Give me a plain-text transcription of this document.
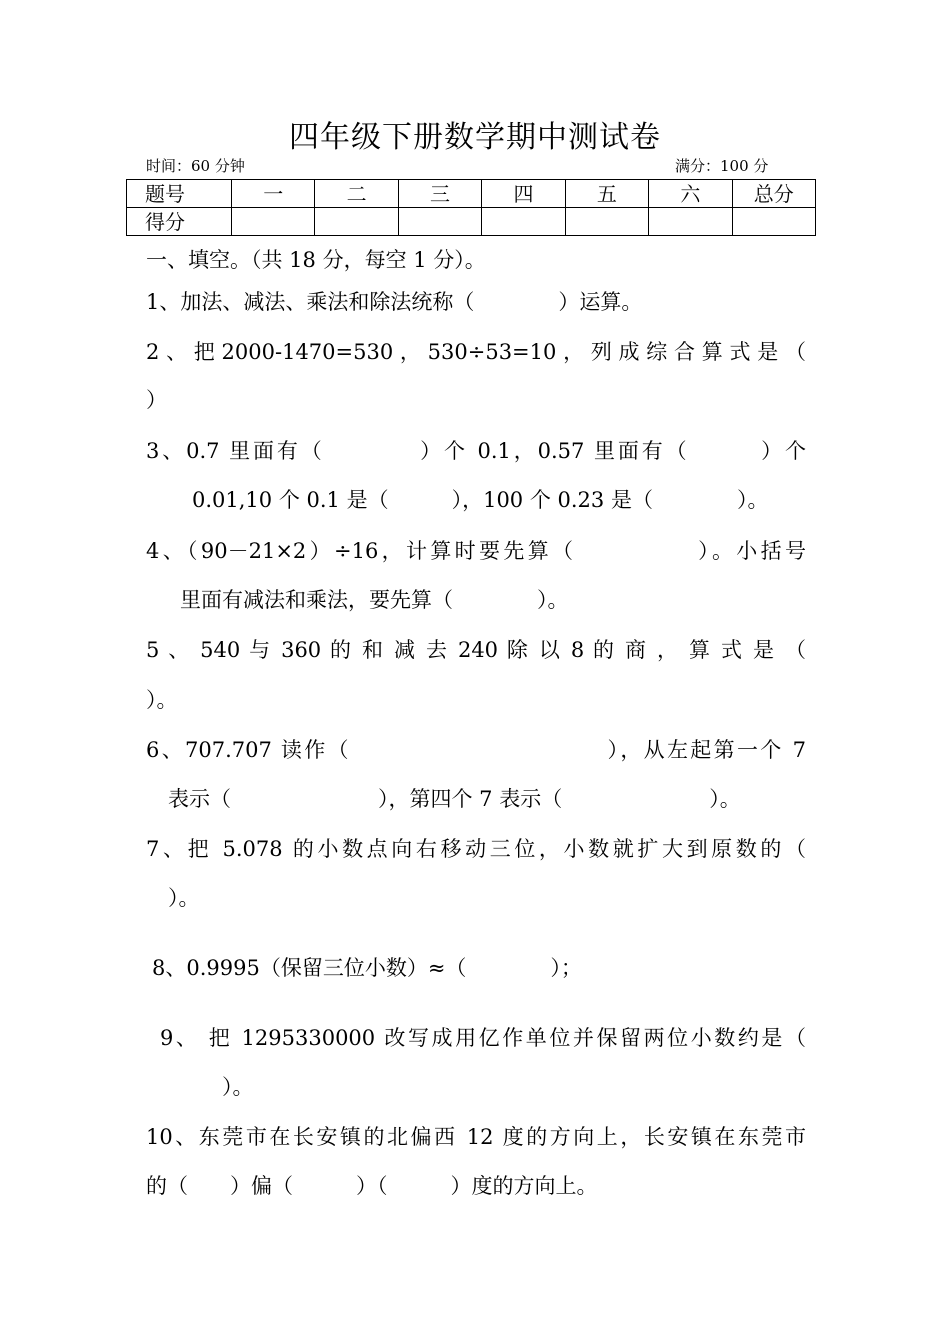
四年级下册数学期中测试卷
时间：60 分钟	满分：100 分
题号	一	二	三	四	五	六	总分
得分							
一、填空。（共 18 分，每空 1 分）。
1、加法、减法、乘法和除法统称（　　　　）运算。
2 、 把 2000-1470=530 ， 530÷53=10 ， 列 成 综 合 算 式 是 （
）
3、0.7 里面有（　　　　）个 0.1，0.57 里面有（　　　）个
0.01,10 个 0.1 是（　　　），100 个 0.23 是（　　　　）。
4、（90－21×2）÷16，计算时要先算（　　　　　）。小括号
里面有减法和乘法，要先算（　　　　）。
5 、 540 与 360 的 和 减 去 240 除 以 8 的 商 ， 算 式 是 （
）。
6、707.707 读作（　　　　　　　　　　　），从左起第一个 7
表示（　　　　　　　），第四个 7 表示（　　　　　　　）。
7、把 5.078 的小数点向右移动三位，小数就扩大到原数的（
）。
8、0.9995（保留三位小数）≈（　　　　）；
9、 把 1295330000 改写成用亿作单位并保留两位小数约是（
）。
10、东莞市在长安镇的北偏西 12 度的方向上，长安镇在东莞市
的（　　）偏（　　　）（　　　）度的方向上。
